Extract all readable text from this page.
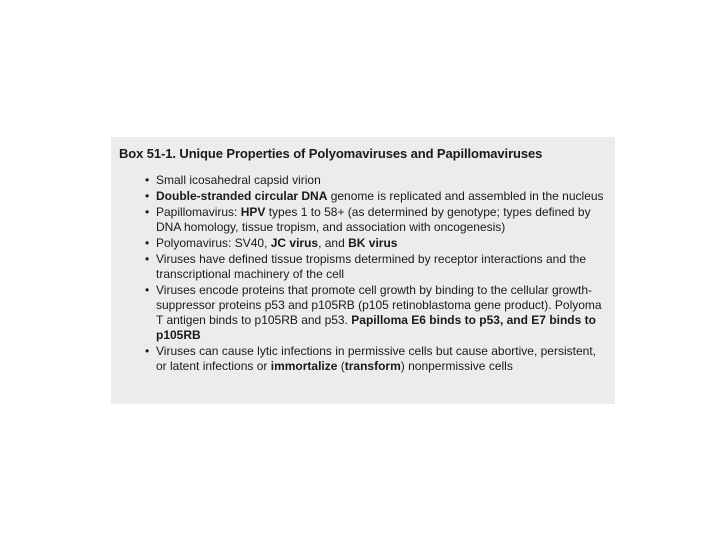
Box 51-1. Unique Properties of Polyomaviruses and Papillomaviruses
• Small icosahedral capsid virion
• Double-stranded circular DNA genome is replicated and assembled in the nucleus
• Papillomavirus: HPV types 1 to 58+ (as determined by genotype; types defined by DNA homology, tissue tropism, and association with oncogenesis)
• Polyomavirus: SV40, JC virus, and BK virus
• Viruses have defined tissue tropisms determined by receptor interactions and the transcriptional machinery of the cell
• Viruses encode proteins that promote cell growth by binding to the cellular growth-suppressor proteins p53 and p105RB (p105 retinoblastoma gene product). Polyoma T antigen binds to p105RB and p53. Papilloma E6 binds to p53, and E7 binds to p105RB
• Viruses can cause lytic infections in permissive cells but cause abortive, persistent, or latent infections or immortalize (transform) nonpermissive cells
